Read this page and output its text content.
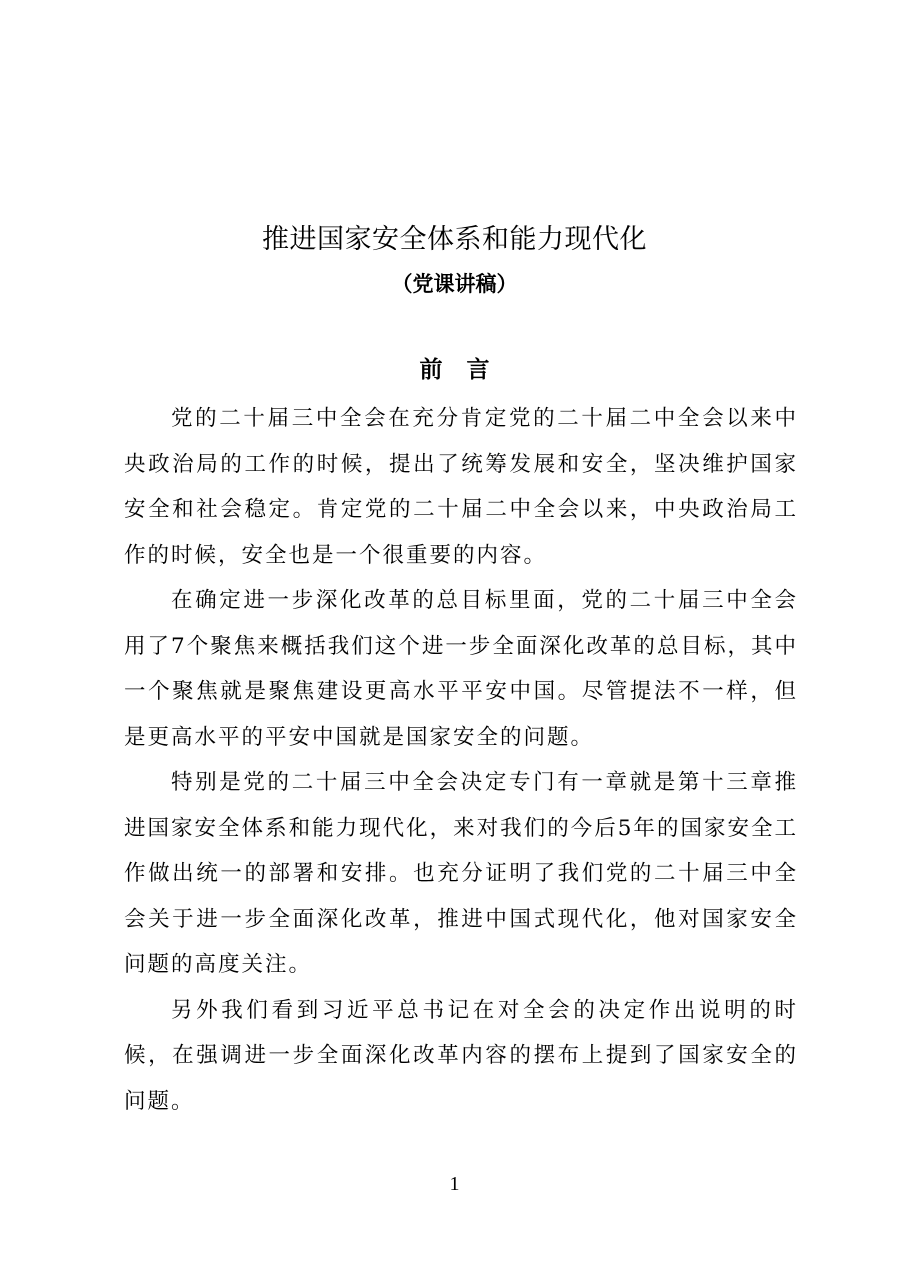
推进国家安全体系和能力现代化
（党课讲稿）
前言

党的二十届三中全会在充分肯定党的二十届二中全会以来中央政治局的工作的时候，提出了统筹发展和安全，坚决维护国家安全和社会稳定。肯定党的二十届二中全会以来，中央政治局工作的时候，安全也是一个很重要的内容。

在确定进一步深化改革的总目标里面，党的二十届三中全会用了7个聚焦来概括我们这个进一步全面深化改革的总目标，其中一个聚焦就是聚焦建设更高水平平安中国。尽管提法不一样，但是更高水平的平安中国就是国家安全的问题。

特别是党的二十届三中全会决定专门有一章就是第十三章推进国家安全体系和能力现代化，来对我们的今后5年的国家安全工作做出统一的部署和安排。也充分证明了我们党的二十届三中全会关于进一步全面深化改革，推进中国式现代化，他对国家安全问题的高度关注。

另外我们看到习近平总书记在对全会的决定作出说明的时候，在强调进一步全面深化改革内容的摆布上提到了国家安全的问题。

1
